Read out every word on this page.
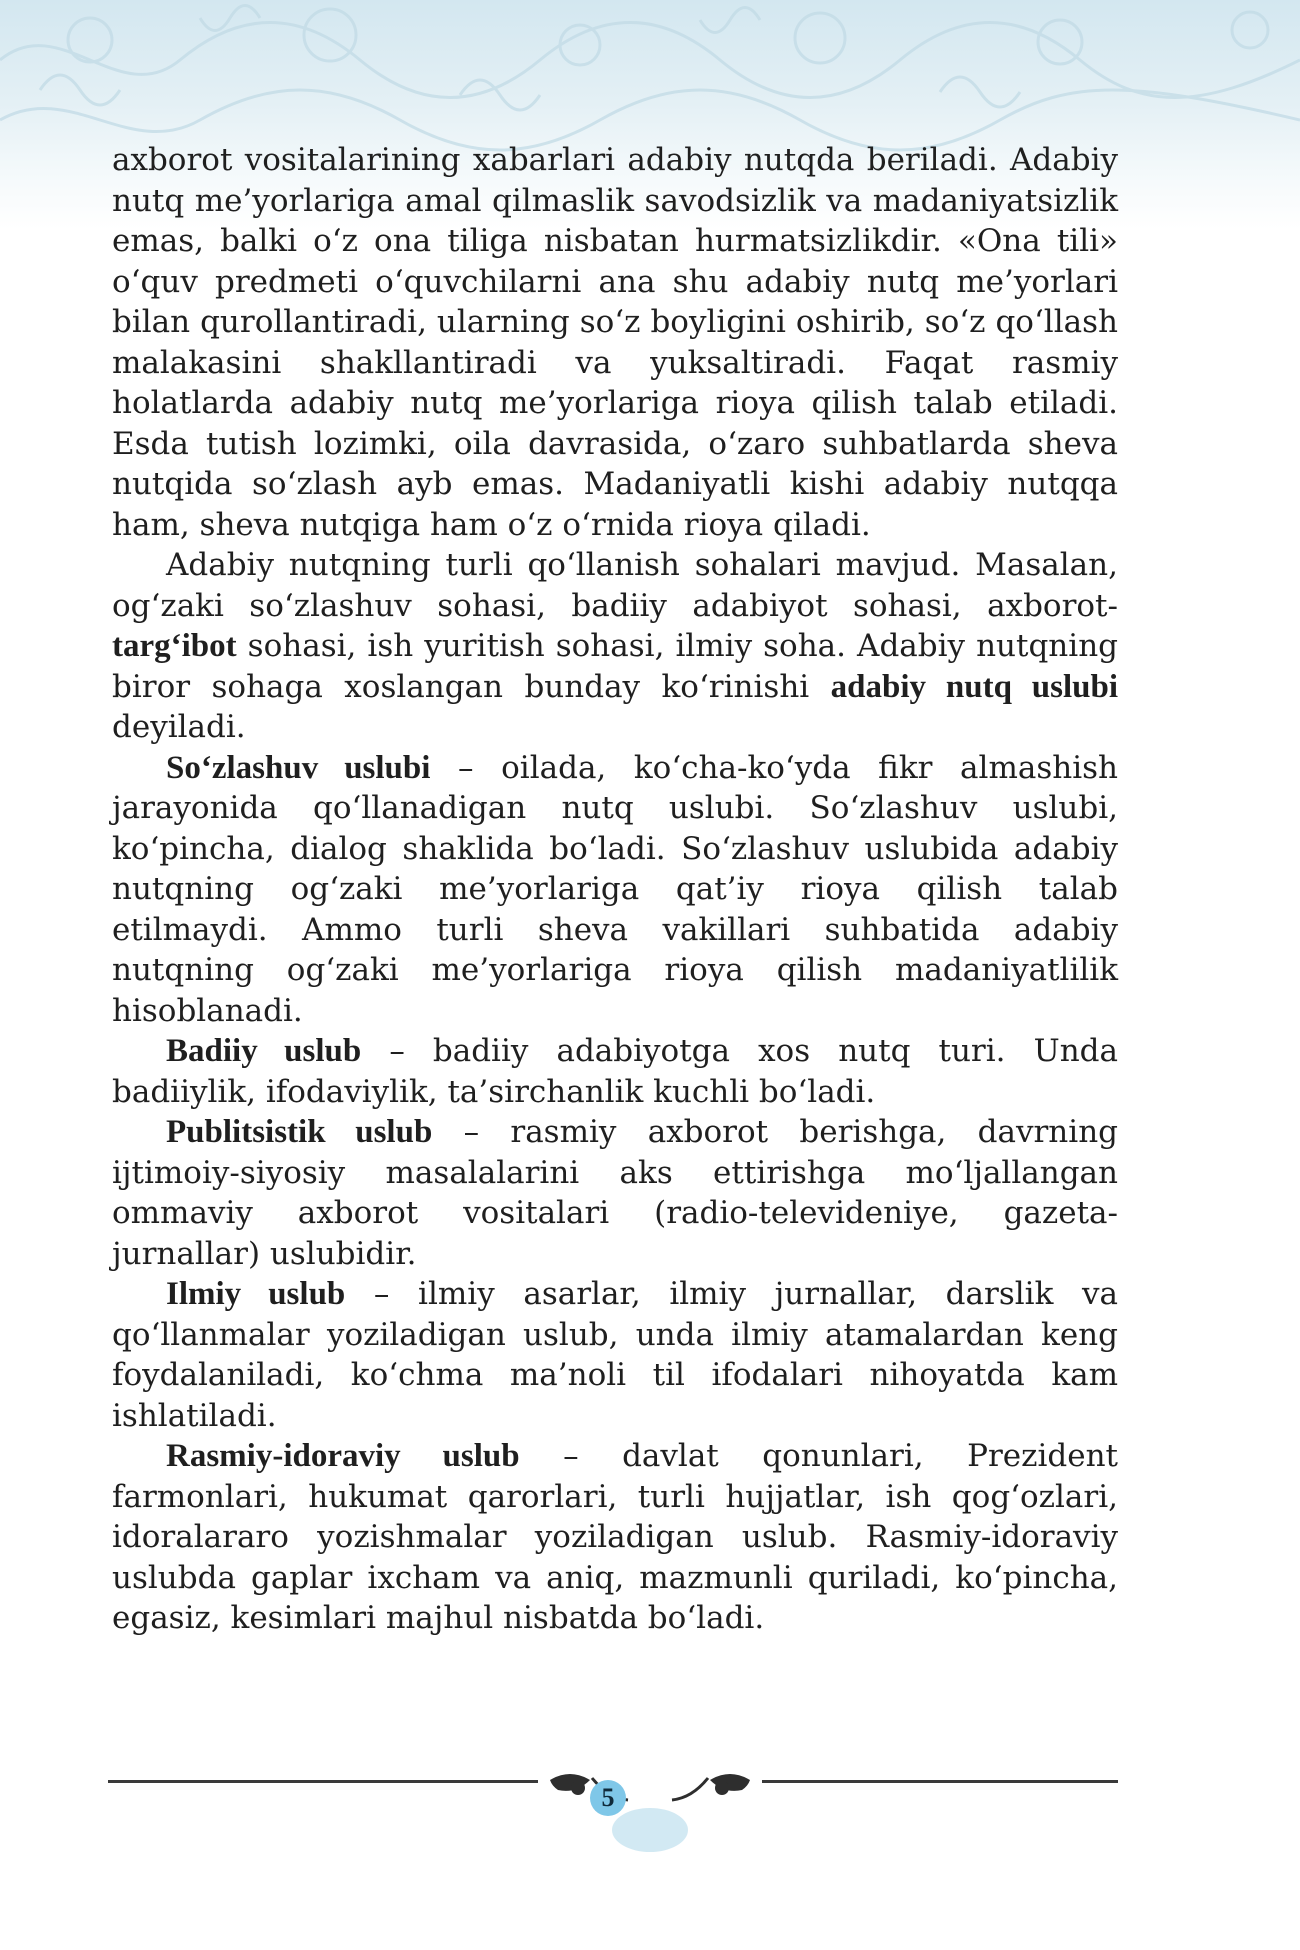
axborot vositalarining xabarlari adabiy nutqda beriladi. Adabiy nutq me’yorlariga amal qilmaslik savodsizlik va madaniyatsizlik emas, balki o‘z ona tiliga nisbatan hurmatsizlikdir. «Ona tili» o‘quv predmeti o‘quvchilarni ana shu adabiy nutq me’yorlari bilan qurollantiradi, ularning so‘z boyligini oshirib, so‘z qo‘llash malakasini shakllantiradi va yuksaltiradi. Faqat rasmiy holatlarda adabiy nutq me’yorlariga rioya qilish talab etiladi. Esda tutish lozimki, oila davrasida, o‘zaro suhbatlarda sheva nutqida so‘zlash ayb emas. Madaniyatli kishi adabiy nutqqa ham, sheva nutqiga ham o‘z o‘rnida rioya qiladi.

Adabiy nutqning turli qo‘llanish sohalari mavjud. Masalan, og‘zaki so‘zlashuv sohasi, badiiy adabiyot sohasi, axborot-targ‘ibot sohasi, ish yuritish sohasi, ilmiy soha. Adabiy nutqning biror sohaga xoslangan bunday ko‘rinishi adabiy nutq uslubi deyiladi.

So‘zlashuv uslubi – oilada, ko‘cha-ko‘yda fikr almashish jarayonida qo‘llanadigan nutq uslubi. So‘zlashuv uslubi, ko‘pincha, dialog shaklida bo‘ladi. So‘zlashuv uslubida adabiy nutqning og‘zaki me’yorlariga qat’iy rioya qilish talab etilmaydi. Ammo turli sheva vakillari suhbatida adabiy nutqning og‘zaki me’yorlariga rioya qilish madaniyatlilik hisoblanadi.

Badiiy uslub – badiiy adabiyotga xos nutq turi. Unda badiiylik, ifodaviylik, ta’sirchanlik kuchli bo‘ladi.

Publitsistik uslub – rasmiy axborot berishga, davrning ijtimoiy-siyosiy masalalarini aks ettirishga mo‘ljallangan ommaviy axborot vositalari (radio-televideniye, gazeta-jurnallar) uslubidir.

Ilmiy uslub – ilmiy asarlar, ilmiy jurnallar, darslik va qo‘llanmalar yoziladigan uslub, unda ilmiy atamalardan keng foydalaniladi, ko‘chma ma’noli til ifodalari nihoyatda kam ishlatiladi.

Rasmiy-idoraviy uslub – davlat qonunlari, Prezident farmonlari, hukumat qarorlari, turli hujjatlar, ish qog‘ozlari, idoralararo yozishmalar yoziladigan uslub. Rasmiy-idoraviy uslubda gaplar ixcham va aniq, mazmunli quriladi, ko‘pincha, egasiz, kesimlari majhul nisbatda bo‘ladi.

5
